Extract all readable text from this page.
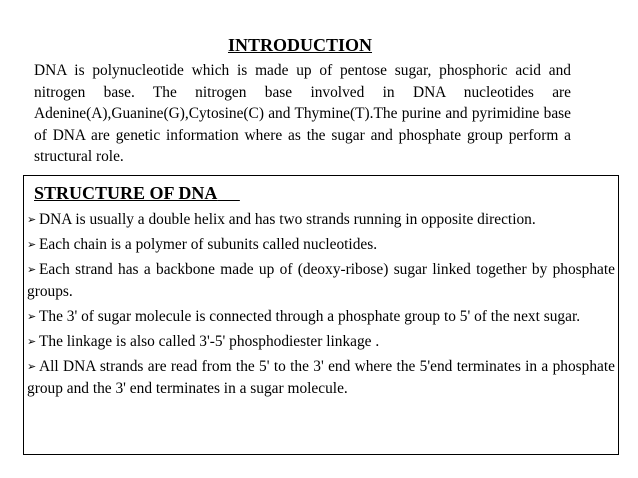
INTRODUCTION
DNA is polynucleotide which is made up of pentose sugar, phosphoric acid and nitrogen base. The nitrogen base involved in DNA nucleotides are Adenine(A),Guanine(G),Cytosine(C) and Thymine(T).The purine and pyrimidine base of DNA are genetic information where as the sugar and phosphate group perform a structural role.
STRUCTURE OF DNA
➢ DNA is usually a double helix and has two strands running in opposite direction.
➢ Each chain is a polymer of subunits called nucleotides.
➢ Each strand has a backbone made up of (deoxy-ribose) sugar linked together by phosphate groups.
➢ The 3' of sugar molecule is connected through a phosphate group to 5' of the next sugar.
➢ The linkage is also called 3'-5' phosphodiester linkage .
➢ All DNA strands are read from the 5' to the 3' end where the 5'end terminates in a phosphate group and the 3' end terminates in a sugar molecule.
